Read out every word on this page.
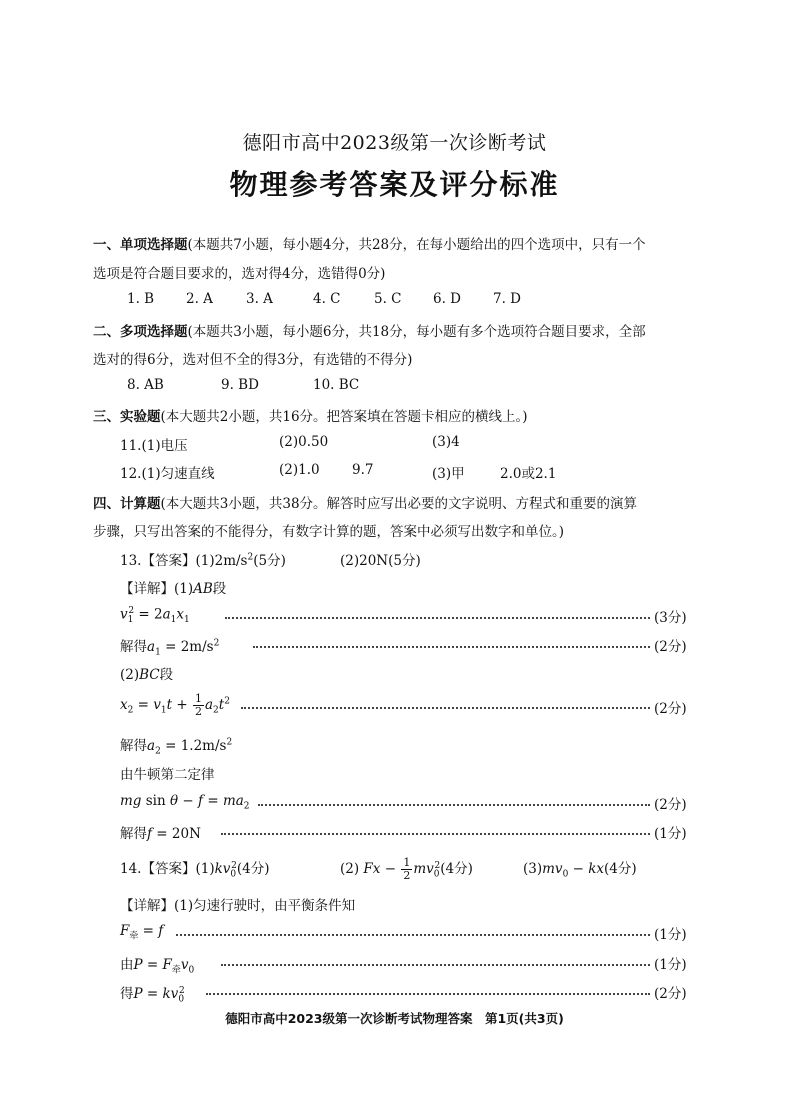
德阳市高中2023级第一次诊断考试
物理参考答案及评分标准
一、单项选择题(本题共7小题，每小题4分，共28分，在每小题给出的四个选项中，只有一个
选项是符合题目要求的，选对得4分，选错得0分)
1. B 2. A 3. A	4. C 5. C 6. D 7. D
二、多项选择题(本题共3小题，每小题6分，共18分，每小题有多个选项符合题目要求，全部
选对的得6分，选对但不全的得3分，有选错的不得分)
8. AB	9. BD	10. BC
三、实验题(本大题共2小题，共16分。把答案填在答题卡相应的横线上。)
11.(1)电压	(2)0.50	(3)4
12.(1)匀速直线	(2)1.0 9.7	(3)甲	2.0或2.1
四、计算题(本大题共3小题，共38分。解答时应写出必要的文字说明、方程式和重要的演算
步骤，只写出答案的不能得分，有数字计算的题，答案中必须写出数字和单位。)
13.【答案】$(1)2m/s^2(5$分)	(2)20N(5分)
【详解】(1)AB段
$v_1^2 = 2a_1x_1$	(3分)
解得$a_1 = 2m/s^2$	(2分)
(2)BC段
$x_2 = v_1t + \frac{1}{2} a_2t^2$	(2分)
解得$a_2 = 1.2m/s^2$
由牛顿第二定律
mg $\sin \theta - f = ma_2$	(2分)
解得f = 20N	(1分)
14.【答案】$(1)kv_0^2(4$分)	(2) $Fx - \frac{1}{2} mv_0^2(4$分)	$(3)mv_0 - kx(4$分)
【详解】(1)匀速行驶时，由平衡条件知
$F_牵 = f$	(1分)
由$P = F_牵v_0$	(1分)
得$P = kv_0^2$	(2分)
德阳市高中2023级第一次诊断考试物理答案　第1页(共3页)
